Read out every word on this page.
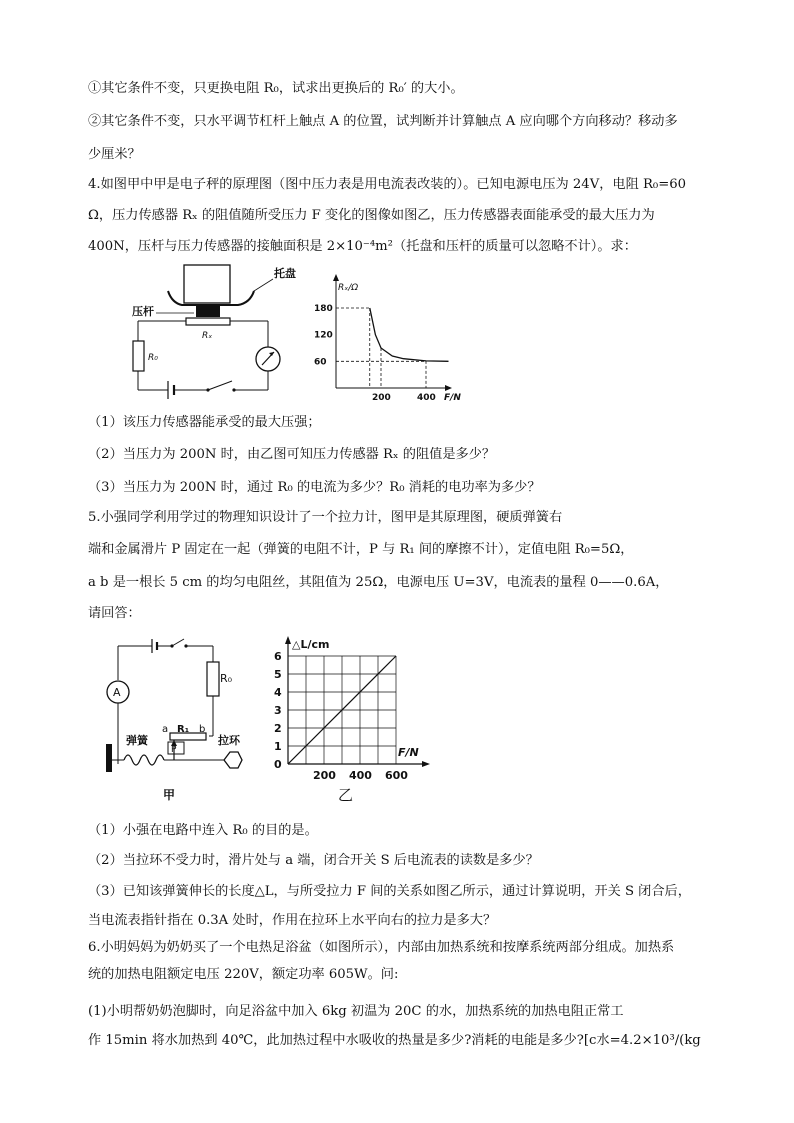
①其它条件不变，只更换电阻 R₀，试求出更换后的 R₀′ 的大小。
②其它条件不变，只水平调节杠杆上触点 A 的位置，试判断并计算触点 A 应向哪个方向移动？移动多
少厘米？
4.如图甲中甲是电子秤的原理图（图中压力表是用电流表改装的）。已知电源电压为 24V，电阻 R₀=60
Ω，压力传感器 Rₓ 的阻值随所受压力 F 变化的图像如图乙，压力传感器表面能承受的最大压力为
400N，压杆与压力传感器的接触面积是 2×10⁻⁴m²（托盘和压杆的质量可以忽略不计）。求：
托盘
压杆
Rₓ
R₀
Rₓ/Ω
F/N
60
120
180
200	400
（1）该压力传感器能承受的最大压强；
（2）当压力为 200N 时，由乙图可知压力传感器 Rₓ 的阻值是多少？
（3）当压力为 200N 时，通过 R₀ 的电流为多少？R₀ 消耗的电功率为多少？
5.小强同学利用学过的物理知识设计了一个拉力计，图甲是其原理图，硬质弹簧右
端和金属滑片 P 固定在一起（弹簧的电阻不计，P 与 R₁ 间的摩擦不计），定值电阻 R₀=5Ω，
a b 是一根长 5 cm 的均匀电阻丝，其阻值为 25Ω，电源电压 U=3V，电流表的量程 0——0.6A，
请回答：
A
R₀
a R₁ b
P
弹簧	拉环
甲
△L/cm
F/N
0
1
2
3
4
5
6
200 400 600
乙
（1）小强在电路中连入 R₀ 的目的是。
（2）当拉环不受力时，滑片处与 a 端，闭合开关 S 后电流表的读数是多少？
（3）已知该弹簧伸长的长度△L，与所受拉力 F 间的关系如图乙所示，通过计算说明，开关 S 闭合后，
当电流表指针指在 0.3A 处时，作用在拉环上水平向右的拉力是多大？
6.小明妈妈为奶奶买了一个电热足浴盆（如图所示），内部由加热系统和按摩系统两部分组成。加热系
统的加热电阻额定电压 220V，额定功率 605W。问:
(1)小明帮奶奶泡脚时，向足浴盆中加入 6kg 初温为 20C 的水，加热系统的加热电阻正常工
作 15min 将水加热到 40℃，此加热过程中水吸收的热量是多少?消耗的电能是多少?[c水=4.2×10³/(kg
